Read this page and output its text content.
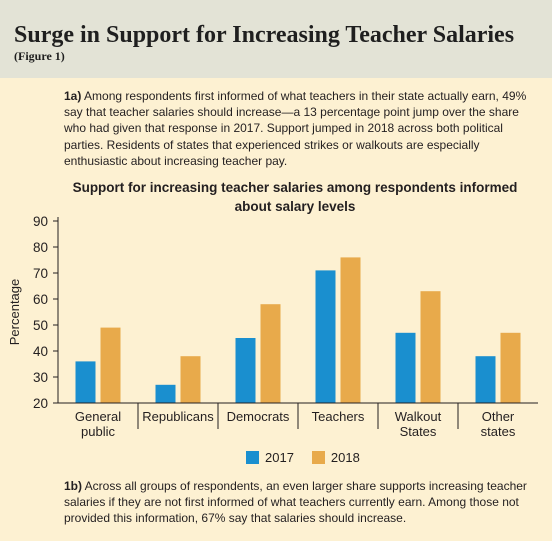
Surge in Support for Increasing Teacher Salaries
(Figure 1)
1a) Among respondents first informed of what teachers in their state actually earn, 49% say that teacher salaries should increase—a 13 percentage point jump over the share who had given that response in 2017. Support jumped in 2018 across both political parties. Residents of states that experienced strikes or walkouts are especially enthusiastic about increasing teacher pay.
Support for increasing teacher salaries among respondents informed about salary levels
20
30
40
50
60
70
80
90
Percentage
General
public
Republicans Democrats Teachers Walkout
States
Other
states
2017	2018
1b) Across all groups of respondents, an even larger share supports increasing teacher salaries if they are not first informed of what teachers currently earn. Among those not provided this information, 67% say that salaries should increase.
